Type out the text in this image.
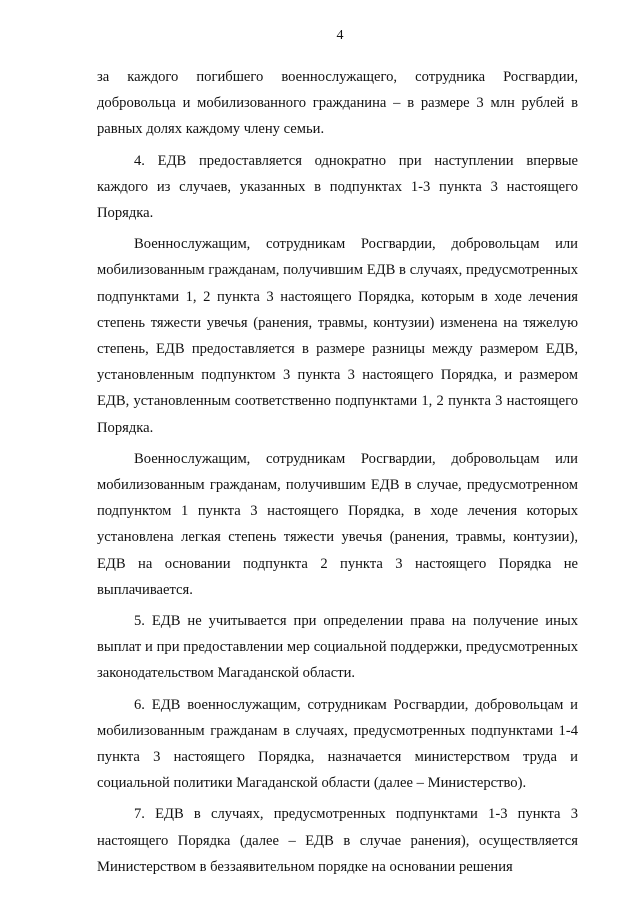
4

за каждого погибшего военнослужащего, сотрудника Росгвардии, добровольца и мобилизованного гражданина – в размере 3 млн рублей в равных долях каждому члену семьи.

4. ЕДВ предоставляется однократно при наступлении впервые каждого из случаев, указанных в подпунктах 1-3 пункта 3 настоящего Порядка.

Военнослужащим, сотрудникам Росгвардии, добровольцам или мобилизованным гражданам, получившим ЕДВ в случаях, предусмотренных подпунктами 1, 2 пункта 3 настоящего Порядка, которым в ходе лечения степень тяжести увечья (ранения, травмы, контузии) изменена на тяжелую степень, ЕДВ предоставляется в размере разницы между размером ЕДВ, установленным подпунктом 3 пункта 3 настоящего Порядка, и размером ЕДВ, установленным соответственно подпунктами 1, 2 пункта 3 настоящего Порядка.

Военнослужащим, сотрудникам Росгвардии, добровольцам или мобилизованным гражданам, получившим ЕДВ в случае, предусмотренном подпунктом 1 пункта 3 настоящего Порядка, в ходе лечения которых установлена легкая степень тяжести увечья (ранения, травмы, контузии), ЕДВ на основании подпункта 2 пункта 3 настоящего Порядка не выплачивается.

5. ЕДВ не учитывается при определении права на получение иных выплат и при предоставлении мер социальной поддержки, предусмотренных законодательством Магаданской области.

6. ЕДВ военнослужащим, сотрудникам Росгвардии, добровольцам и мобилизованным гражданам в случаях, предусмотренных подпунктами 1-4 пункта 3 настоящего Порядка, назначается министерством труда и социальной политики Магаданской области (далее – Министерство).

7. ЕДВ в случаях, предусмотренных подпунктами 1-3 пункта 3 настоящего Порядка (далее – ЕДВ в случае ранения), осуществляется Министерством в беззаявительном порядке на основании решения
